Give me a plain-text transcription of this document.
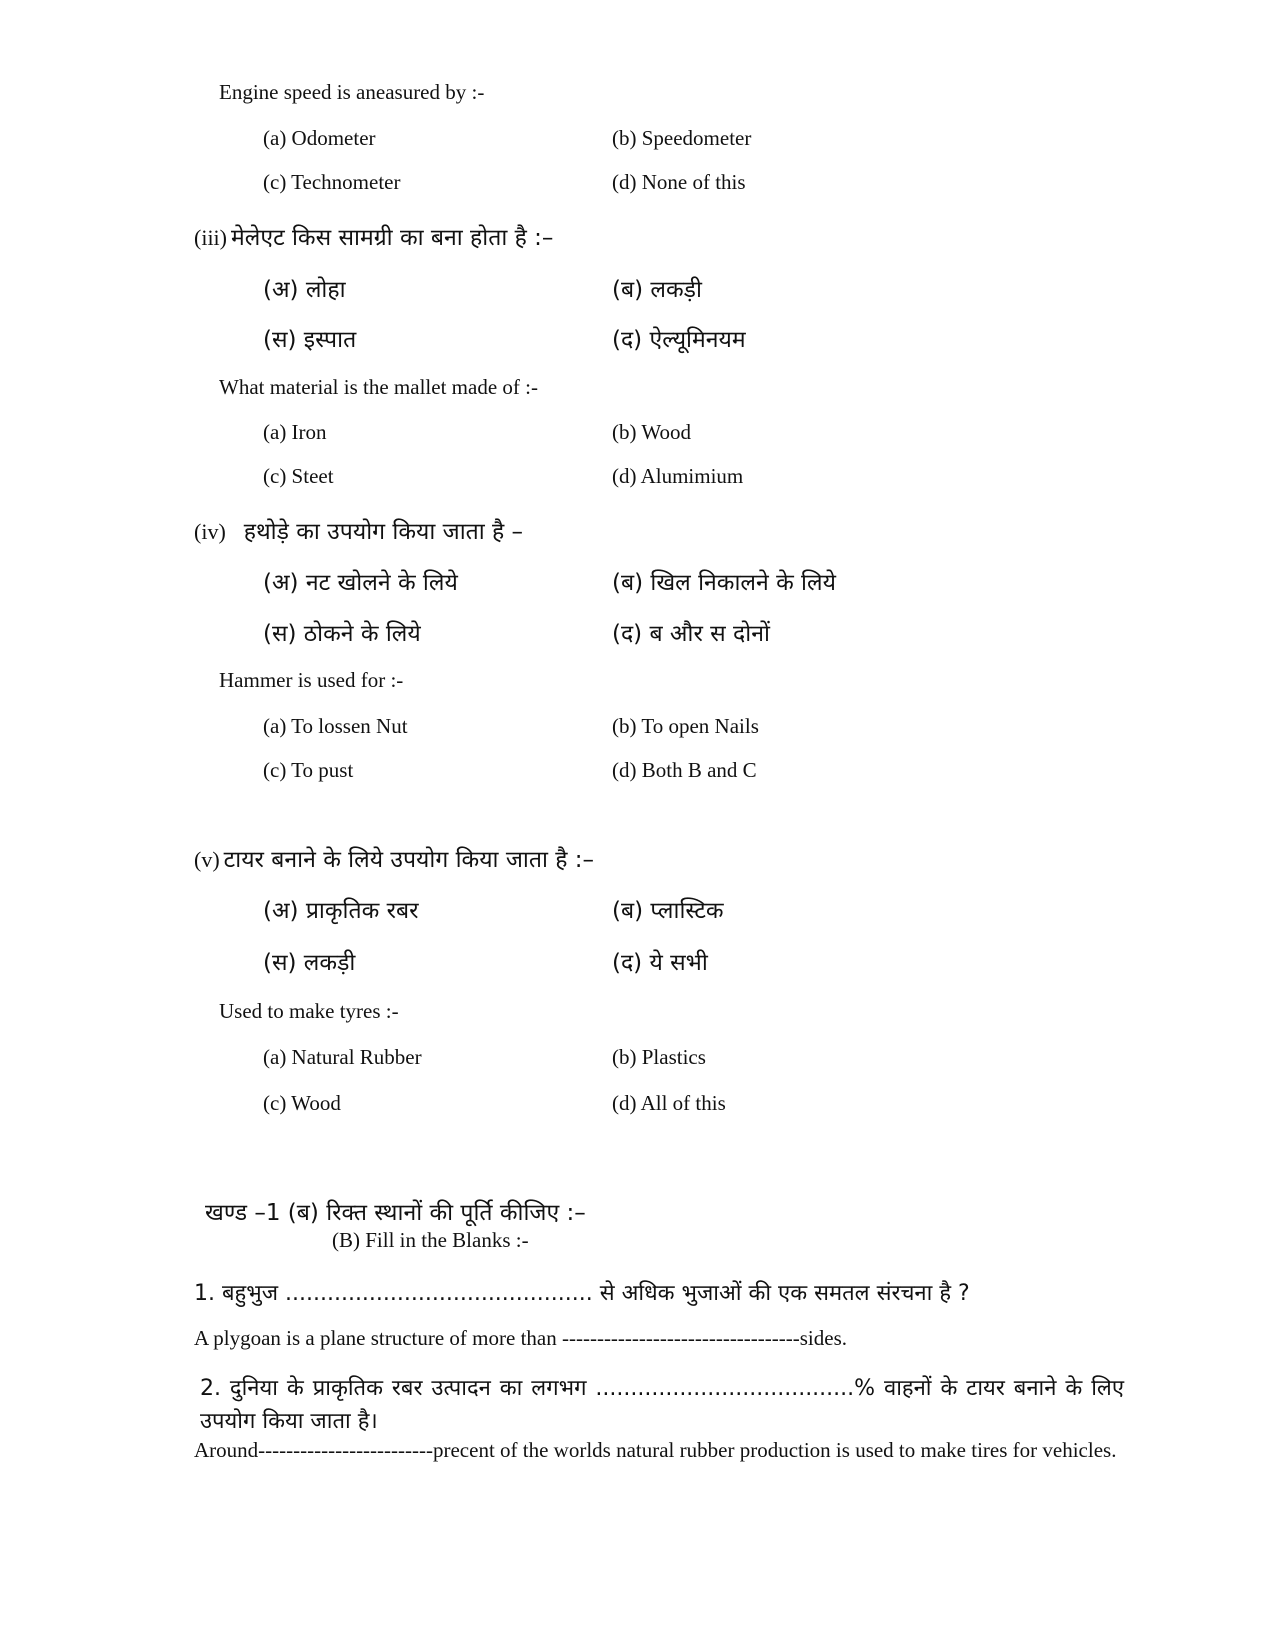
Engine speed is aneasured by :-
(a) Odometer	(b) Speedometer
(c) Technometer	(d) None of this
(iii) मेलेएट किस सामग्री का बना होता है :–
(अ) लोहा	(ब) लकड़ी
(स) इस्पात	(द) ऐल्यूमिनयम
What material is the mallet made of :-
(a) Iron	(b) Wood
(c) Steet	(d) Alumimium
(iv) हथोड़े का उपयोग किया जाता है –
(अ) नट खोलने के लिये	(ब) खिल निकालने के लिये
(स) ठोकने के लिये	(द) ब और स दोनों
Hammer is used for :-
(a) To lossen Nut	(b) To open Nails
(c) To pust	(d) Both B and C
(v) टायर बनाने के लिये उपयोग किया जाता है :–
(अ) प्राकृतिक रबर	(ब) प्लास्टिक
(स) लकड़ी	(द) ये सभी
Used to make tyres :-
(a) Natural Rubber	(b) Plastics
(c) Wood	(d) All of this
खण्ड –1 (ब) रिक्त स्थानों की पूर्ति कीजिए :–
(B) Fill in the Blanks :-
1. बहुभुज ............................................ से अधिक भुजाओं की एक समतल संरचना है ?
A plygoan is a plane structure of more than ----------------------------------sides.
2. दुनिया के प्राकृतिक रबर उत्पादन का लगभग .....................................% वाहनों के टायर बनाने के लिए उपयोग किया जाता है।
Around-------------------------precent of the worlds natural rubber production is used to make tires for vehicles.
